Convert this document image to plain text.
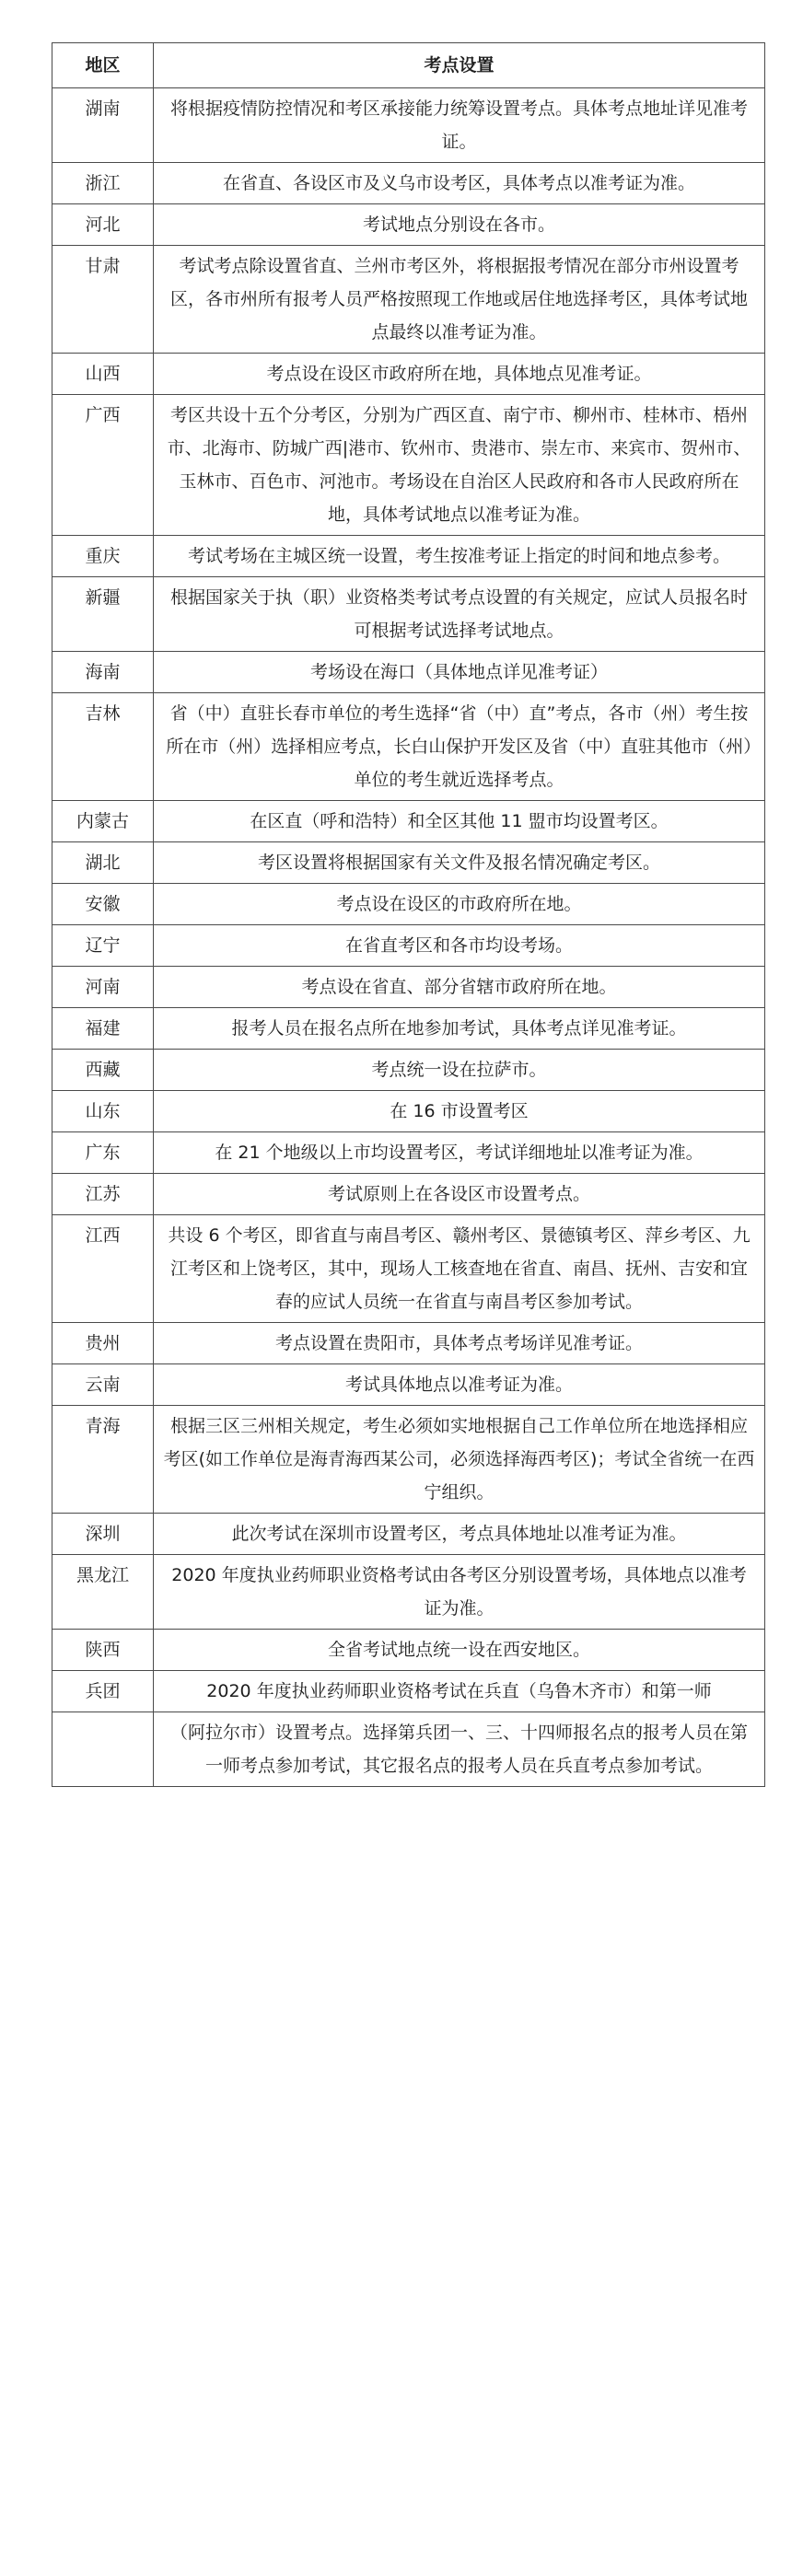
地区	考点设置
湖南	将根据疫情防控情况和考区承接能力统筹设置考点。具体考点地址详见准考证。
浙江	在省直、各设区市及义乌市设考区，具体考点以准考证为准。
河北	考试地点分别设在各市。
甘肃	考试考点除设置省直、兰州市考区外，将根据报考情况在部分市州设置考区，各市州所有报考人员严格按照现工作地或居住地选择考区，具体考试地点最终以准考证为准。
山西	考点设在设区市政府所在地，具体地点见准考证。
广西	考区共设十五个分考区，分别为广西区直、南宁市、柳州市、桂林市、梧州市、北海市、防城广西|港市、钦州市、贵港市、崇左市、来宾市、贺州市、玉林市、百色市、河池市。考场设在自治区人民政府和各市人民政府所在地，具体考试地点以准考证为准。
重庆	考试考场在主城区统一设置，考生按准考证上指定的时间和地点参考。
新疆	根据国家关于执（职）业资格类考试考点设置的有关规定，应试人员报名时可根据考试选择考试地点。
海南	考场设在海口（具体地点详见准考证）
吉林	省（中）直驻长春市单位的考生选择“省（中）直”考点，各市（州）考生按所在市（州）选择相应考点，长白山保护开发区及省（中）直驻其他市（州）单位的考生就近选择考点。
内蒙古	在区直（呼和浩特）和全区其他 11 盟市均设置考区。
湖北	考区设置将根据国家有关文件及报名情况确定考区。
安徽	考点设在设区的市政府所在地。
辽宁	在省直考区和各市均设考场。
河南	考点设在省直、部分省辖市政府所在地。
福建	报考人员在报名点所在地参加考试，具体考点详见准考证。
西藏	考点统一设在拉萨市。
山东	在 16 市设置考区
广东	在 21 个地级以上市均设置考区，考试详细地址以准考证为准。
江苏	考试原则上在各设区市设置考点。
江西	共设 6 个考区，即省直与南昌考区、赣州考区、景德镇考区、萍乡考区、九江考区和上饶考区，其中，现场人工核查地在省直、南昌、抚州、吉安和宜春的应试人员统一在省直与南昌考区参加考试。
贵州	考点设置在贵阳市，具体考点考场详见准考证。
云南	考试具体地点以准考证为准。
青海	根据三区三州相关规定，考生必须如实地根据自己工作单位所在地选择相应考区(如工作单位是海青海西某公司，必须选择海西考区)；考试全省统一在西宁组织。
深圳	此次考试在深圳市设置考区，考点具体地址以准考证为准。
黑龙江	2020 年度执业药师职业资格考试由各考区分别设置考场，具体地点以准考证为准。
陕西	全省考试地点统一设在西安地区。
兵团	2020 年度执业药师职业资格考试在兵直（乌鲁木齐市）和第一师
	（阿拉尔市）设置考点。选择第兵团一、三、十四师报名点的报考人员在第一师考点参加考试，其它报名点的报考人员在兵直考点参加考试。
